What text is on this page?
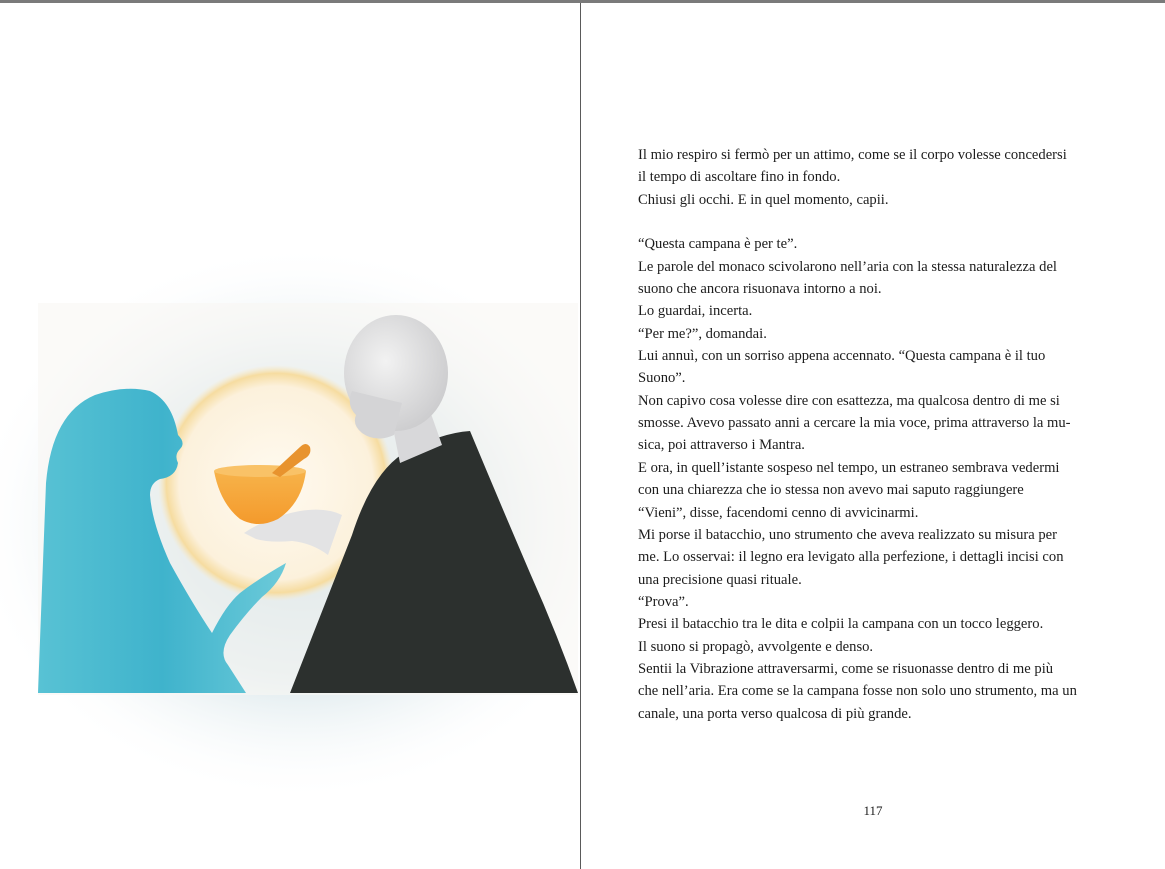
Il mio respiro si fermò per un attimo, come se il corpo volesse concedersi

il tempo di ascoltare fino in fondo.

Chiusi gli occhi. E in quel momento, capii.

“Questa campana è per te”.

Le parole del monaco scivolarono nell’aria con la stessa naturalezza del

suono che ancora risuonava intorno a noi.

Lo guardai, incerta.

“Per me?”, domandai.

Lui annuì, con un sorriso appena accennato. “Questa campana è il tuo

Suono”.

Non capivo cosa volesse dire con esattezza, ma qualcosa dentro di me si

smosse. Avevo passato anni a cercare la mia voce, prima attraverso la mu-

sica, poi attraverso i Mantra.

E ora, in quell’istante sospeso nel tempo, un estraneo sembrava vedermi

con una chiarezza che io stessa non avevo mai saputo raggiungere

“Vieni”, disse, facendomi cenno di avvicinarmi.

Mi porse il batacchio, uno strumento che aveva realizzato su misura per

me. Lo osservai: il legno era levigato alla perfezione, i dettagli incisi con

una precisione quasi rituale.

“Prova”.

Presi il batacchio tra le dita e colpii la campana con un tocco leggero.

Il suono si propagò, avvolgente e denso.

Sentii la Vibrazione attraversarmi, come se risuonasse dentro di me più

che nell’aria. Era come se la campana fosse non solo uno strumento, ma un

canale, una porta verso qualcosa di più grande.

117
